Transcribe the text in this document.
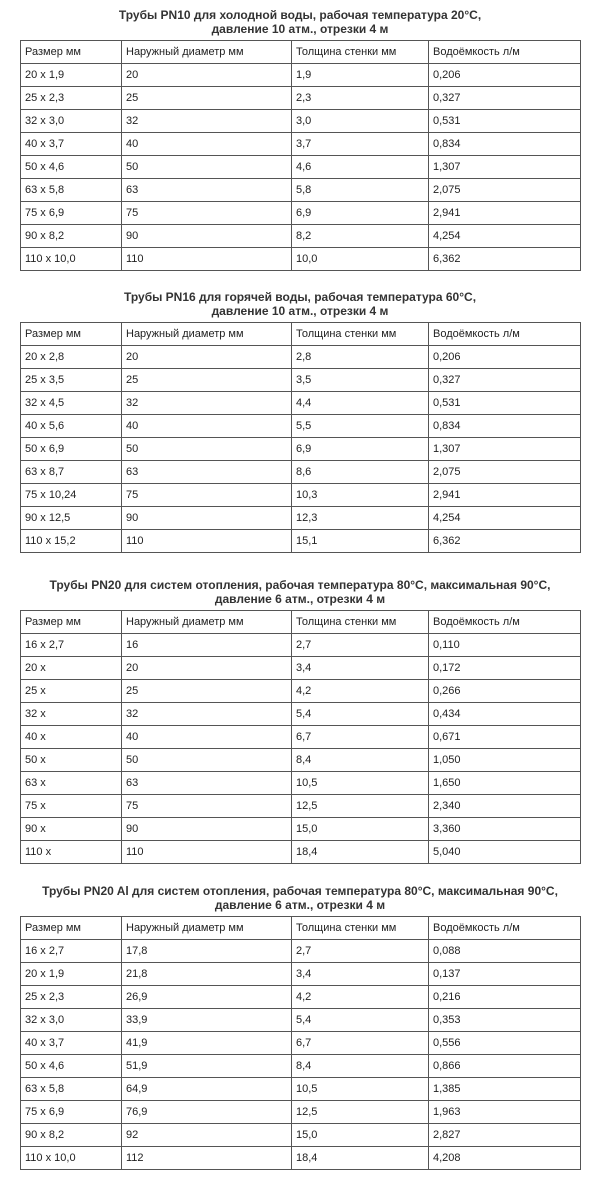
Трубы PN10 для холодной воды, рабочая температура 20°C,
давление 10 атм., отрезки 4 м
Размер мм	Наружный диаметр мм	Толщина стенки мм	Водоёмкость л/м
20 x 1,9	20	1,9	0,206
25 x 2,3	25	2,3	0,327
32 x 3,0	32	3,0	0,531
40 x 3,7	40	3,7	0,834
50 x 4,6	50	4,6	1,307
63 x 5,8	63	5,8	2,075
75 x 6,9	75	6,9	2,941
90 x 8,2	90	8,2	4,254
110 x 10,0	110	10,0	6,362
Трубы PN16 для горячей воды, рабочая температура 60°C,
давление 10 атм., отрезки 4 м
Размер мм	Наружный диаметр мм	Толщина стенки мм	Водоёмкость л/м
20 x 2,8	20	2,8	0,206
25 x 3,5	25	3,5	0,327
32 x 4,5	32	4,4	0,531
40 x 5,6	40	5,5	0,834
50 x 6,9	50	6,9	1,307
63 x 8,7	63	8,6	2,075
75 x 10,24	75	10,3	2,941
90 x 12,5	90	12,3	4,254
110 x 15,2	110	15,1	6,362
Трубы PN20 для систем отопления, рабочая температура 80°C, максимальная 90°C,
давление 6 атм., отрезки 4 м
Размер мм	Наружный диаметр мм	Толщина стенки мм	Водоёмкость л/м
16 x 2,7	16	2,7	0,110
20 x	20	3,4	0,172
25 x	25	4,2	0,266
32 x	32	5,4	0,434
40 x	40	6,7	0,671
50 x	50	8,4	1,050
63 x	63	10,5	1,650
75 x	75	12,5	2,340
90 x	90	15,0	3,360
110 x	110	18,4	5,040
Трубы PN20 Al для систем отопления, рабочая температура 80°C, максимальная 90°C,
давление 6 атм., отрезки 4 м
Размер мм	Наружный диаметр мм	Толщина стенки мм	Водоёмкость л/м
16 x 2,7	17,8	2,7	0,088
20 x 1,9	21,8	3,4	0,137
25 x 2,3	26,9	4,2	0,216
32 x 3,0	33,9	5,4	0,353
40 x 3,7	41,9	6,7	0,556
50 x 4,6	51,9	8,4	0,866
63 x 5,8	64,9	10,5	1,385
75 x 6,9	76,9	12,5	1,963
90 x 8,2	92	15,0	2,827
110 x 10,0	112	18,4	4,208
